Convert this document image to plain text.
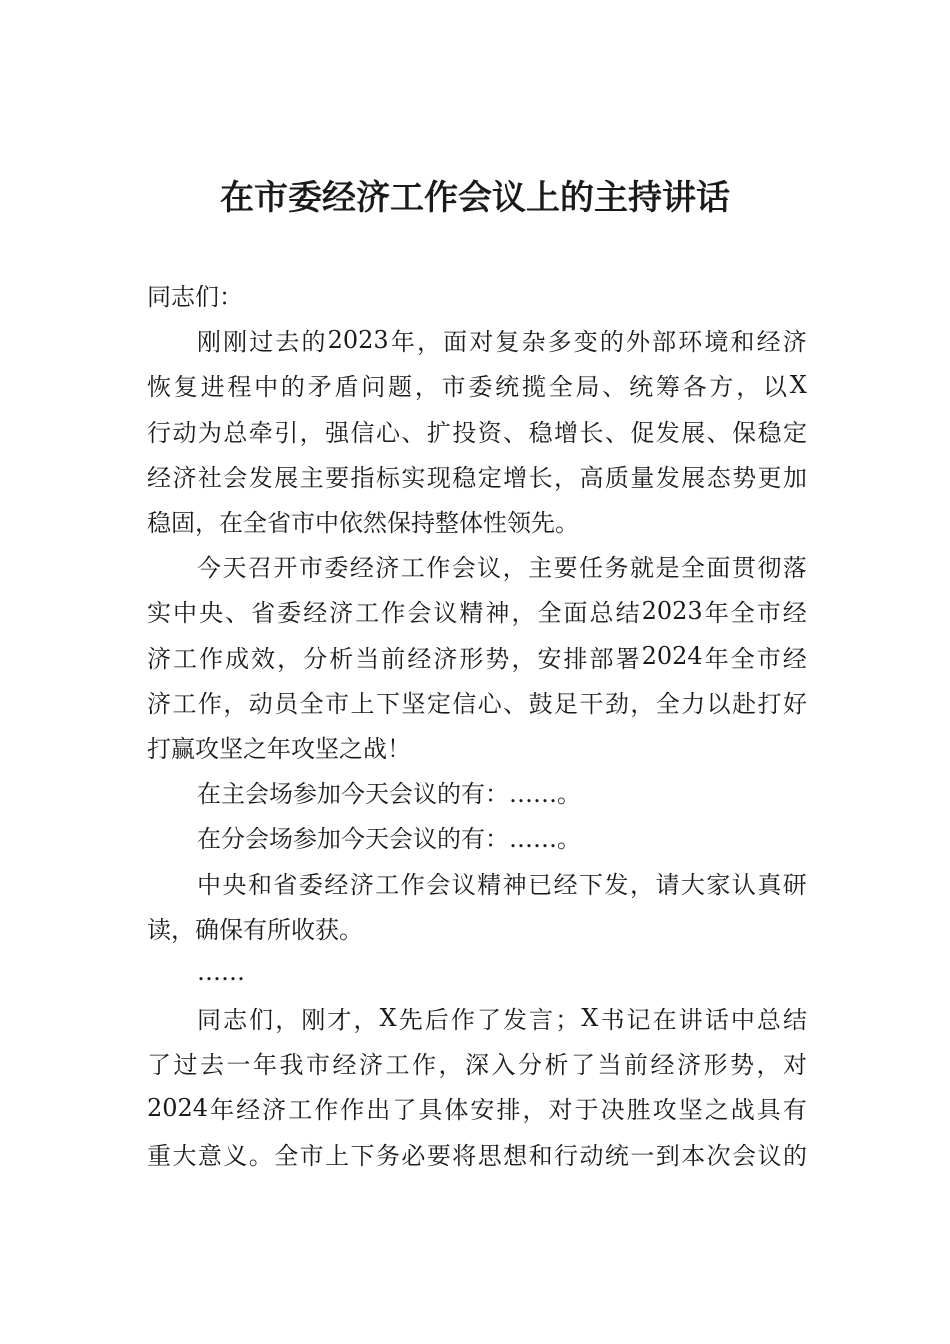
在市委经济工作会议上的主持讲话
同志们：
刚 刚 过 去 的 2023 年 ， 面 对 复 杂 多 变 的 外 部 环 境 和 经 济
恢 复 进 程 中 的 矛 盾 问 题 ， 市 委 统 揽 全 局 、 统 筹 各 方 ， 以 X
行 动 为 总 牵 引 ， 强 信 心 、 扩 投 资 、 稳 增 长 、 促 发 展 、 保 稳 定
经 济 社 会 发 展 主 要 指 标 实 现 稳 定 增 长 ， 高 质 量 发 展 态 势 更 加
稳固，在全省市中依然保持整体性领先。
今 天 召 开 市 委 经 济 工 作 会 议 ， 主 要 任 务 就 是 全 面 贯 彻 落
实 中 央 、 省 委 经 济 工 作 会 议 精 神 ， 全 面 总 结 2023 年 全 市 经
济 工 作 成 效 ， 分 析 当 前 经 济 形 势 ， 安 排 部 署 2024 年 全 市 经
济 工 作 ， 动 员 全 市 上 下 坚 定 信 心 、 鼓 足 干 劲 ， 全 力 以 赴 打 好
打赢攻坚之年攻坚之战！
在主会场参加今天会议的有：……。
在分会场参加今天会议的有：……。
中 央 和 省 委 经 济 工 作 会 议 精 神 已 经 下 发 ， 请 大 家 认 真 研
读，确保有所收获。
……
同 志 们 ， 刚 才 ， X 先 后 作 了 发 言 ； X 书 记 在 讲 话 中 总 结
了 过 去 一 年 我 市 经 济 工 作 ， 深 入 分 析 了 当 前 经 济 形 势 ， 对
2024 年 经 济 工 作 作 出 了 具 体 安 排 ， 对 于 决 胜 攻 坚 之 战 具 有
重 大 意 义 。 全 市 上 下 务 必 要 将 思 想 和 行 动 统 一 到 本 次 会 议 的
